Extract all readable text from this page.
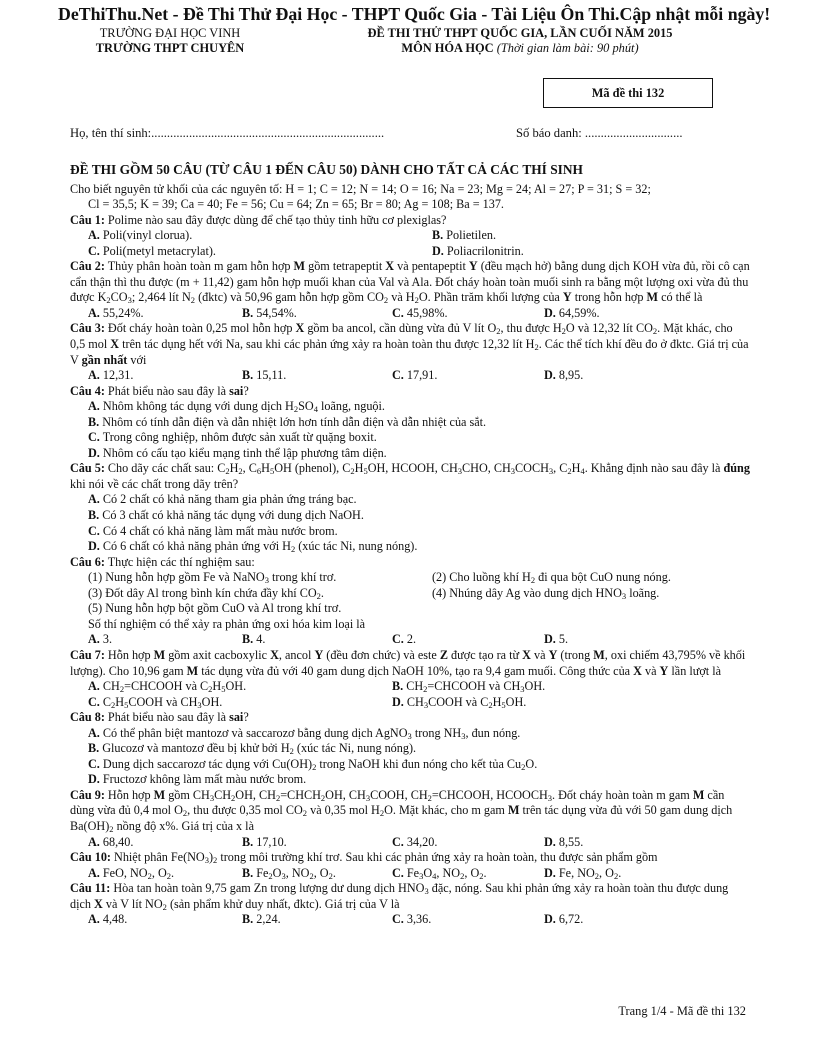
DeThiThu.Net - Đề Thi Thử Đại Học - THPT Quốc Gia - Tài Liệu Ôn Thi.Cập nhật mỗi ngày!
TRƯỜNG ĐẠI HỌC VINH
TRƯỜNG THPT CHUYÊN
ĐỀ THI THỬ THPT QUỐC GIA, LẦN CUỐI NĂM 2015
MÔN HÓA HỌC (Thời gian làm bài: 90 phút)
Mã đề thi 132
Họ, tên thí sinh:..........................................................................	Số báo danh: ...............................

ĐỀ THI GỒM 50 CÂU (TỪ CÂU 1 ĐẾN CÂU 50) DÀNH CHO TẤT CẢ CÁC THÍ SINH

Cho biết nguyên tử khối của các nguyên tố: H = 1; C = 12; N = 14; O = 16; Na = 23; Mg = 24; Al = 27; P = 31; S = 32;

Cl = 35,5; K = 39; Ca = 40; Fe = 56; Cu = 64; Zn = 65; Br = 80; Ag = 108; Ba = 137.

Câu 1: Polime nào sau đây được dùng để chế tạo thủy tinh hữu cơ plexiglas?

A. Poli(vinyl clorua).	B. Polietilen.
C. Poli(metyl metacrylat).	D. Poliacrilonitrin.

Câu 2: Thủy phân hoàn toàn m gam hỗn hợp M gồm tetrapeptit X và pentapeptit Y (đều mạch hở) bằng dung dịch KOH vừa đủ, rồi cô cạn cẩn thận thì thu được (m + 11,42) gam hỗn hợp muối khan của Val và Ala. Đốt cháy hoàn toàn muối sinh ra bằng một lượng oxi vừa đủ thu được $K_2CO_3$; 2,464 lít $N_2$ (đktc) và 50,96 gam hỗn hợp gồm $CO_2$ và $H_2O$. Phần trăm khối lượng của Y trong hỗn hợp M có thể là

A. 55,24%.	B. 54,54%.	C. 45,98%.	D. 64,59%.

Câu 3: Đốt cháy hoàn toàn 0,25 mol hỗn hợp X gồm ba ancol, cần dùng vừa đủ V lít $O_2$, thu được $H_2O$ và 12,32 lít $CO_2$. Mặt khác, cho 0,5 mol X trên tác dụng hết với Na, sau khi các phản ứng xảy ra hoàn toàn thu được 12,32 lít $H_2$. Các thể tích khí đều đo ở đktc. Giá trị của V gần nhất với

A. 12,31.	B. 15,11.	C. 17,91.	D. 8,95.

Câu 4: Phát biểu nào sau đây là sai?

A. Nhôm không tác dụng với dung dịch $H_2SO_4$ loãng, nguội.

B. Nhôm có tính dẫn điện và dẫn nhiệt lớn hơn tính dẫn điện và dẫn nhiệt của sắt.

C. Trong công nghiệp, nhôm được sản xuất từ quặng boxit.

D. Nhôm có cấu tạo kiểu mạng tinh thể lập phương tâm diện.

Câu 5: Cho dãy các chất sau: $C_2H_2$, $C_6H_5OH$ (phenol), $C_2H_5OH$, HCOOH, $CH_3CHO$, $CH_3COCH_3$, $C_2H_4$. Khẳng định nào sau đây là đúng khi nói về các chất trong dãy trên?

A. Có 2 chất có khả năng tham gia phản ứng tráng bạc.

B. Có 3 chất có khả năng tác dụng với dung dịch NaOH.

C. Có 4 chất có khả năng làm mất màu nước brom.

D. Có 6 chất có khả năng phản ứng với $H_2$ (xúc tác Ni, nung nóng).

Câu 6: Thực hiện các thí nghiệm sau:

(1) Nung hỗn hợp gồm Fe và NaNO$_3$ trong khí trơ.	(2) Cho luồng khí $H_2$ đi qua bột CuO nung nóng.
(3) Đốt dây Al trong bình kín chứa đầy khí $CO_2$.	(4) Nhúng dây Ag vào dung dịch $HNO_3$ loãng.

(5) Nung hỗn hợp bột gồm CuO và Al trong khí trơ.

Số thí nghiệm có thể xảy ra phản ứng oxi hóa kim loại là

A. 3.	B. 4.	C. 2.	D. 5.

Câu 7: Hỗn hợp M gồm axit cacboxylic X, ancol Y (đều đơn chức) và este Z được tạo ra từ X và Y (trong M, oxi chiếm 43,795% về khối lượng). Cho 10,96 gam M tác dụng vừa đủ với 40 gam dung dịch NaOH 10%, tạo ra 9,4 gam muối. Công thức của X và Y lần lượt là

A. $CH_2=CHCOOH$ và $C_2H_5OH$.	B. $CH_2=CHCOOH$ và $CH_3OH$.
C. $C_2H_5COOH$ và $CH_3OH$.	D. $CH_3COOH$ và $C_2H_5OH$.

Câu 8: Phát biểu nào sau đây là sai?

A. Có thể phân biệt mantozơ và saccarozơ bằng dung dịch AgNO$_3$ trong $NH_3$, đun nóng.

B. Glucozơ và mantozơ đều bị khử bởi $H_2$ (xúc tác Ni, nung nóng).

C. Dung dịch saccarozơ tác dụng với $Cu(OH)_2$ trong NaOH khi đun nóng cho kết tủa $Cu_2O$.

D. Fructozơ không làm mất màu nước brom.

Câu 9: Hỗn hợp M gồm $CH_3CH_2OH$, $CH_2=CHCH_2OH$, $CH_3COOH$, $CH_2=CHCOOH$, $HCOOCH_3$. Đốt cháy hoàn toàn m gam M cần dùng vừa đủ 0,4 mol $O_2$, thu được 0,35 mol $CO_2$ và 0,35 mol $H_2O$. Mặt khác, cho m gam M trên tác dụng vừa đủ với 50 gam dung dịch $Ba(OH)_2$ nồng độ x%. Giá trị của x là

A. 68,40.	B. 17,10.	C. 34,20.	D. 8,55.

Câu 10: Nhiệt phân $Fe(NO_3)_2$ trong môi trường khí trơ. Sau khi các phản ứng xảy ra hoàn toàn, thu được sản phẩm gồm

A. FeO, $NO_2$, $O_2$.	B. $Fe_2O_3$, $NO_2$, $O_2$.	C. $Fe_3O_4$, $NO_2$, $O_2$.	D. Fe, $NO_2$, $O_2$.

Câu 11: Hòa tan hoàn toàn 9,75 gam Zn trong lượng dư dung dịch $HNO_3$ đặc, nóng. Sau khi phản ứng xảy ra hoàn toàn thu được dung dịch X và V lít $NO_2$ (sản phẩm khử duy nhất, đktc). Giá trị của V là

A. 4,48.	B. 2,24.	C. 3,36.	D. 6,72.
Trang 1/4 - Mã đề thi 132
